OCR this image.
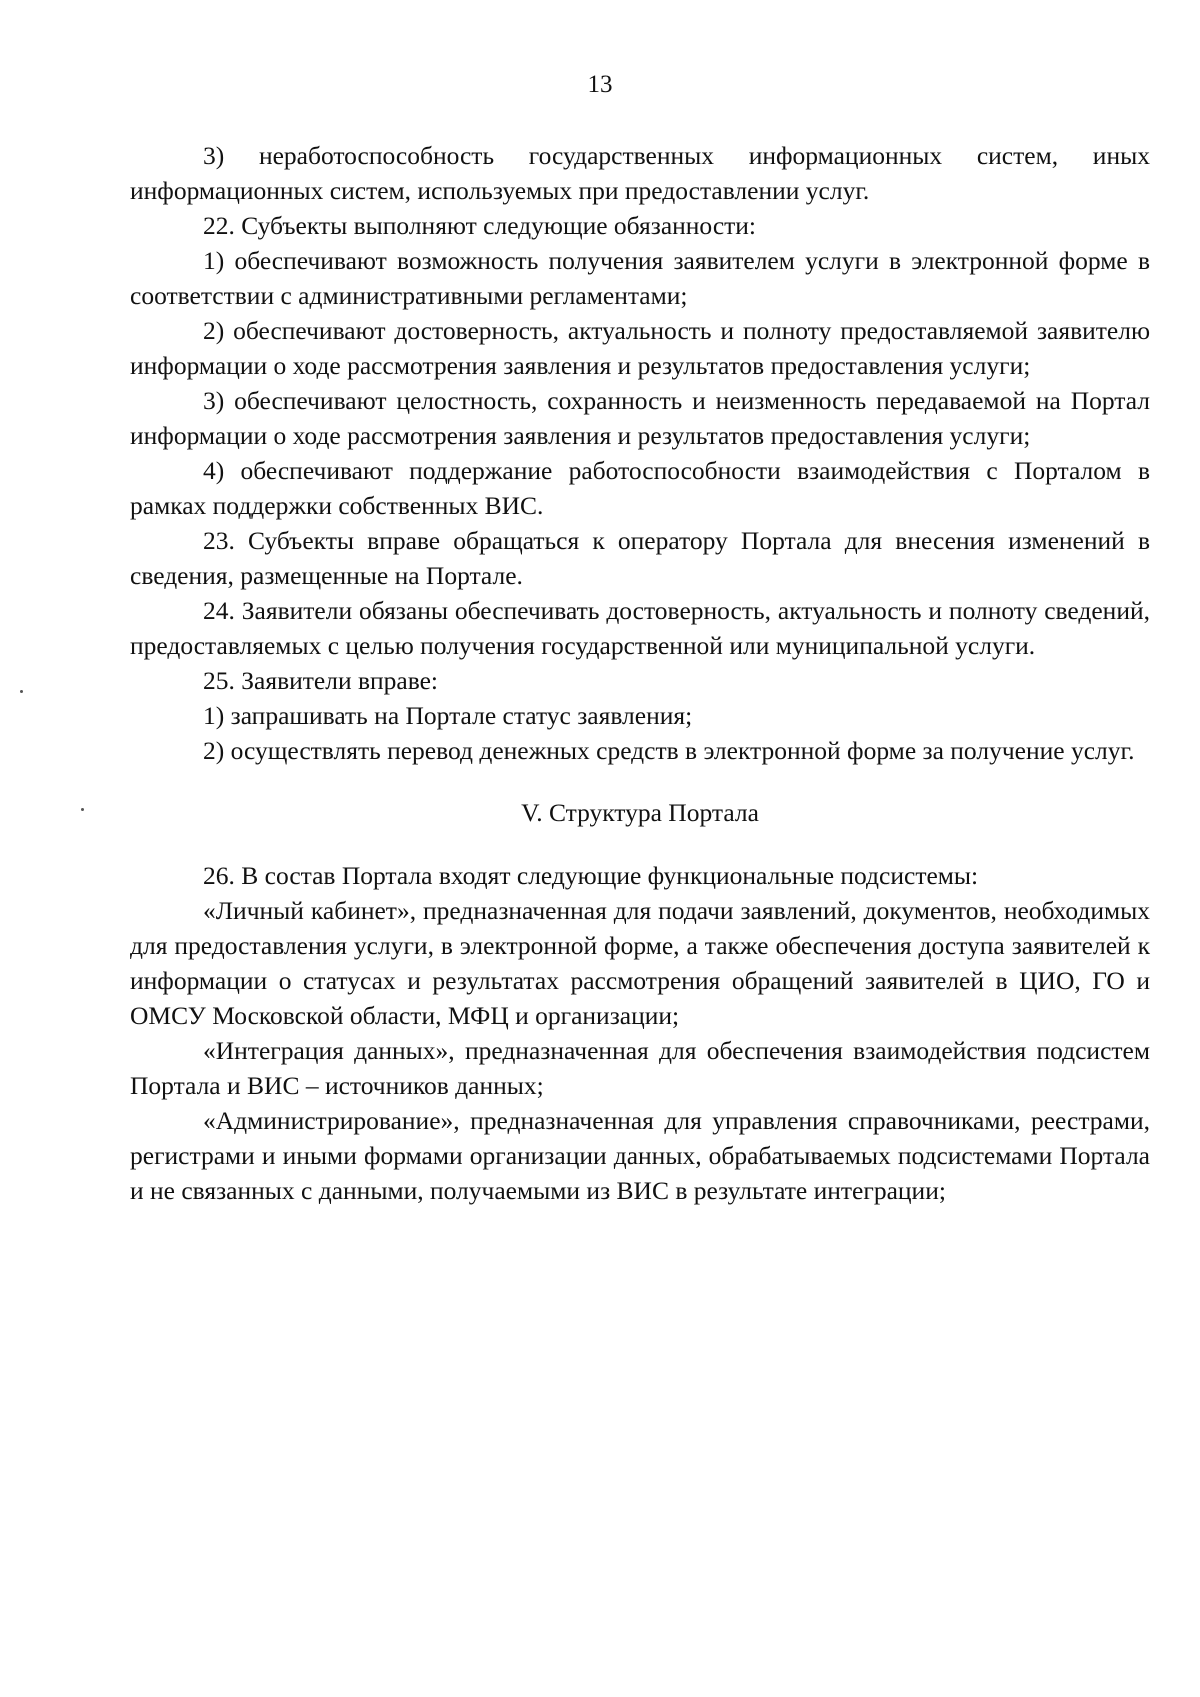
13

3) неработоспособность государственных информационных систем, иных информационных систем, используемых при предоставлении услуг.

22. Субъекты выполняют следующие обязанности:

1) обеспечивают возможность получения заявителем услуги в электронной форме в соответствии с административными регламентами;

2) обеспечивают достоверность, актуальность и полноту предоставляемой заявителю информации о ходе рассмотрения заявления и результатов предоставления услуги;

3) обеспечивают целостность, сохранность и неизменность передаваемой на Портал информации о ходе рассмотрения заявления и результатов предоставления услуги;

4) обеспечивают поддержание работоспособности взаимодействия с Порталом в рамках поддержки собственных ВИС.

23. Субъекты вправе обращаться к оператору Портала для внесения изменений в сведения, размещенные на Портале.

24. Заявители обязаны обеспечивать достоверность, актуальность и полноту сведений, предоставляемых с целью получения государственной или муниципальной услуги.

25. Заявители вправе:

1) запрашивать на Портале статус заявления;

2) осуществлять перевод денежных средств в электронной форме за получение услуг.

V. Структура Портала

26. В состав Портала входят следующие функциональные подсистемы:

«Личный кабинет», предназначенная для подачи заявлений, документов, необходимых для предоставления услуги, в электронной форме, а также обеспечения доступа заявителей к информации о статусах и результатах рассмотрения обращений заявителей в ЦИО, ГО и ОМСУ Московской области, МФЦ и организации;

«Интеграция данных», предназначенная для обеспечения взаимодействия подсистем Портала и ВИС – источников данных;

«Администрирование», предназначенная для управления справочниками, реестрами, регистрами и иными формами организации данных, обрабатываемых подсистемами Портала и не связанных с данными, получаемыми из ВИС в результате интеграции;
